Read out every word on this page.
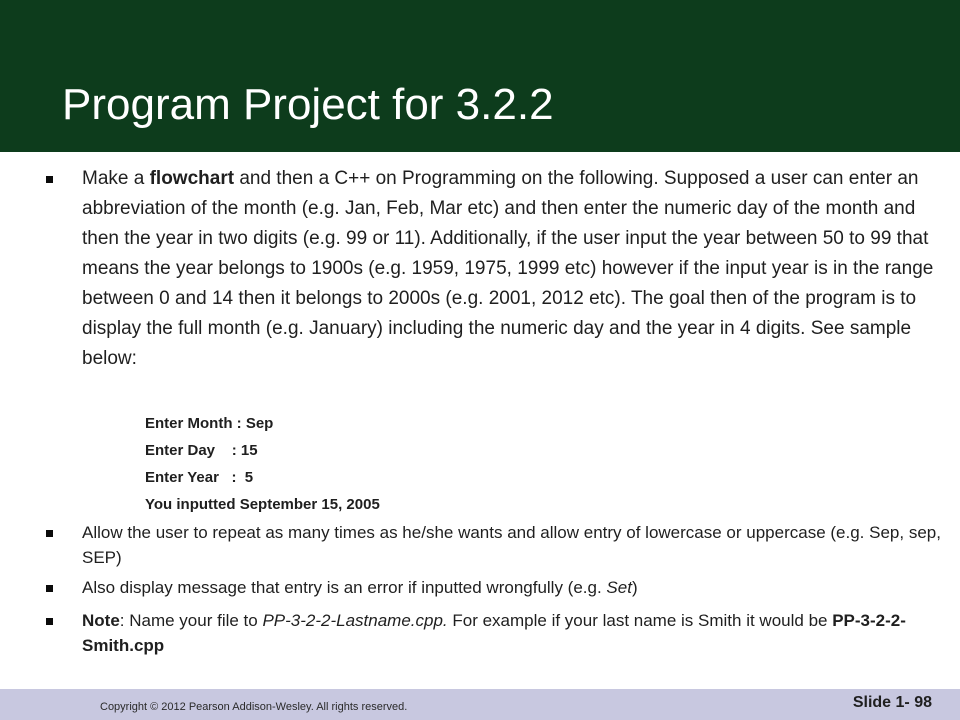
Program Project for 3.2.2
Make a flowchart and then a C++ on Programming on the following. Supposed a user can enter an abbreviation of the month (e.g. Jan, Feb, Mar etc) and then enter the numeric day of the month and then the year in two digits (e.g. 99 or 11). Additionally, if the user input the year between 50 to 99 that means the year belongs to 1900s (e.g. 1959, 1975, 1999 etc) however if the input year is in the range between 0 and 14 then it belongs to 2000s (e.g. 2001, 2012 etc). The goal then of the program is to display the full month (e.g. January) including the numeric day and the year in 4 digits. See sample below:
Enter Month : Sep
Enter Day    : 15
Enter Year   :  5
You inputted September 15, 2005
Allow the user to repeat as many times as he/she wants and allow entry of lowercase or uppercase (e.g. Sep, sep, SEP)
Also display message that entry is an error if inputted wrongfully (e.g. Set)
Note: Name your file to PP-3-2-2-Lastname.cpp. For example if your last name is Smith it would be PP-3-2-2-Smith.cpp
Copyright © 2012 Pearson Addison-Wesley. All rights reserved.	Slide 1- 98
